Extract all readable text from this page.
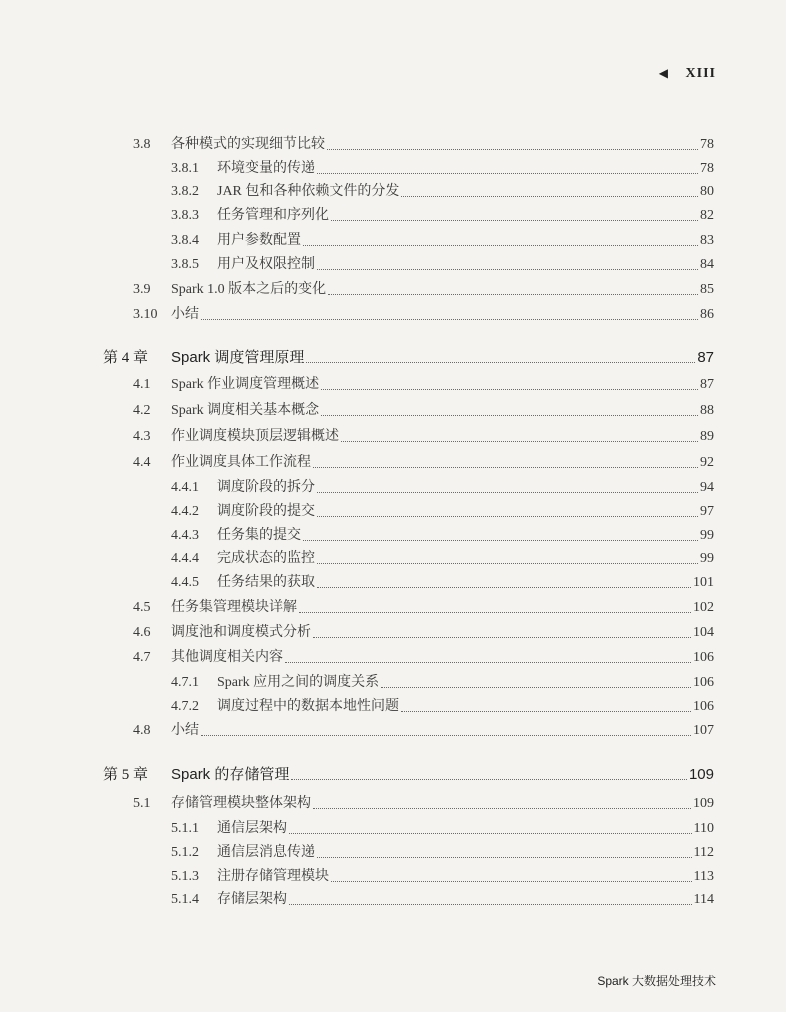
◀ XIII
3.8	各种模式的实现细节比较	78
3.8.1	环境变量的传递	78
3.8.2	JAR 包和各种依赖文件的分发	80
3.8.3	任务管理和序列化	82
3.8.4	用户参数配置	83
3.8.5	用户及权限控制	84
3.9	Spark 1.0 版本之后的变化	85
3.10 小结	86
第 4 章	Spark 调度管理原理	87
4.1	Spark 作业调度管理概述	87
4.2	Spark 调度相关基本概念	88
4.3	作业调度模块顶层逻辑概述	89
4.4	作业调度具体工作流程	92
4.4.1	调度阶段的拆分	94
4.4.2	调度阶段的提交	97
4.4.3	任务集的提交	99
4.4.4	完成状态的监控	99
4.4.5	任务结果的获取	101
4.5	任务集管理模块详解	102
4.6	调度池和调度模式分析	104
4.7	其他调度相关内容	106
4.7.1	Spark 应用之间的调度关系	106
4.7.2	调度过程中的数据本地性问题	106
4.8	小结	107
第 5 章	Spark 的存储管理	109
5.1	存储管理模块整体架构	109
5.1.1	通信层架构	110
5.1.2	通信层消息传递	112
5.1.3	注册存储管理模块	113
5.1.4	存储层架构	114
Spark 大数据处理技术
